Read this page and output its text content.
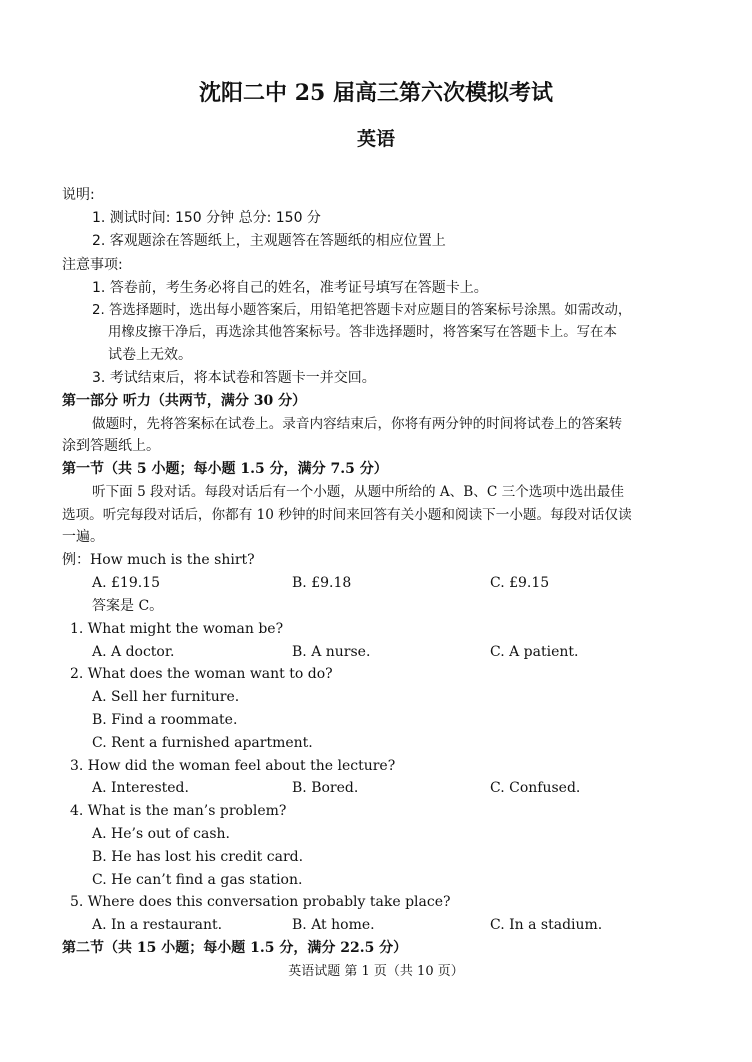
沈阳二中 25 届高三第六次模拟考试
英语
说明:
1. 测试时间: 150 分钟 总分: 150 分
2. 客观题涂在答题纸上，主观题答在答题纸的相应位置上
注意事项:
1. 答卷前，考生务必将自己的姓名，准考证号填写在答题卡上。
2. 答选择题时，选出每小题答案后，用铅笔把答题卡对应题目的答案标号涂黑。如需改动，
用橡皮擦干净后，再选涂其他答案标号。答非选择题时，将答案写在答题卡上。写在本
试卷上无效。
3. 考试结束后，将本试卷和答题卡一并交回。
第一部分 听力（共两节，满分 30 分）
做题时，先将答案标在试卷上。录音内容结束后，你将有两分钟的时间将试卷上的答案转
涂到答题纸上。
第一节（共 5 小题；每小题 1.5 分，满分 7.5 分）
听下面 5 段对话。每段对话后有一个小题，从题中所给的 A、B、C 三个选项中选出最佳
选项。听完每段对话后，你都有 10 秒钟的时间来回答有关小题和阅读下一小题。每段对话仅读
一遍。
例：How much is the shirt?
A. £19.15	B. £9.18	C. £9.15
答案是 C。
1. What might the woman be?
A. A doctor.	B. A nurse.	C. A patient.
2. What does the woman want to do?
A. Sell her furniture.
B. Find a roommate.
C. Rent a furnished apartment.
3. How did the woman feel about the lecture?
A. Interested.	B. Bored.	C. Confused.
4. What is the man’s problem?
A. He’s out of cash.
B. He has lost his credit card.
C. He can’t find a gas station.
5. Where does this conversation probably take place?
A. In a restaurant.	B. At home.	C. In a stadium.
第二节（共 15 小题；每小题 1.5 分，满分 22.5 分）
英语试题 第 1 页（共 10 页）
